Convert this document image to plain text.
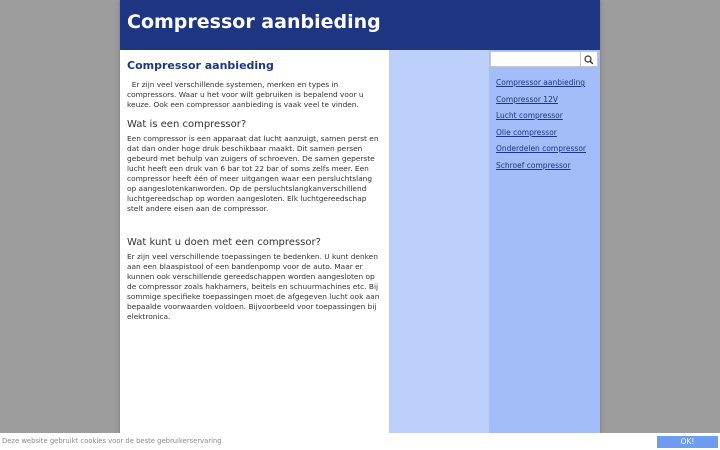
Compressor aanbieding
Compressor aanbieding

Er zijn veel verschillende systemen, merken en types in compressors. Waar u het voor wilt gebruiken is bepalend voor u keuze. Ook een compressor aanbieding is vaak veel te vinden.

Wat is een compressor?

Een compressor is een apparaat dat lucht aanzuigt, samen perst en dat dan onder hoge druk beschikbaar maakt. Dit samen persen gebeurd met behulp van zuigers of schroeven. De samen geperste lucht heeft een druk van 6 bar tot 22 bar of soms zelfs meer. Een compressor heeft één of meer uitgangen waar een persluchtslang op aangeslotenkanworden. Op de persluchtslangkanverschillend luchtgereedschap op worden aangesloten. Elk luchtgereedschap stelt andere eisen aan de compressor.

Wat kunt u doen met een compressor?

Er zijn veel verschillende toepassingen te bedenken. U kunt denken aan een blaaspistool of een bandenpomp voor de auto. Maar er kunnen ook verschillende gereedschappen worden aangesloten op de compressor zoals hakhamers, beitels en schuurmachines etc. Bij sommige specifieke toepassingen moet de afgegeven lucht ook aan bepaalde voorwaarden voldoen. Bijvoorbeeld voor toepassingen bij elektronica.

Compressor aanbieding
Compressor 12V
Lucht compressor
Olie compressor
Onderdelen compressor
Schroef compressor
Deze website gebruikt cookies voor de beste gebruikerservaring	OK!
